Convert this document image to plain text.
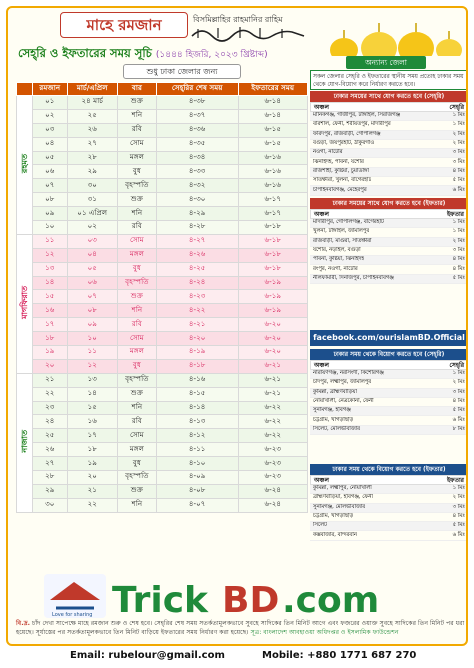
মাহে রমজান	বিসমিল্লাহির রাহমানির রাহিম
সেহ্‌রি ও ইফতারের সময় সূচি (১৪৪৪ হিজরি, ২০২৩ খ্রিষ্টাব্দ)
শুধু ঢাকা জেলার জন্য
	রমজান	মার্চ/এপ্রিল	বার	সেহ্‌রির শেষ সময়	ইফতারের সময়
রহমত	০১	২৪ মার্চ	শুক্র	৪-৩৮	৬-১৪
	০২	২৫	শনি	৪-৩৭	৬-১৪
	০৩	২৬	রবি	৪-৩৬	৬-১৫
	০৪	২৭	সোম	৪-৩৫	৬-১৫
	০৫	২৮	মঙ্গল	৪-৩৪	৬-১৬
	০৬	২৯	বুধ	৪-৩৩	৬-১৬
	০৭	৩০	বৃহস্পতি	৪-৩২	৬-১৬
	০৮	৩১	শুক্র	৪-৩০	৬-১৭
	০৯	০১ এপ্রিল	শনি	৪-২৯	৬-১৭
	১০	০২	রবি	৪-২৮	৬-১৮
মাগফিরাত	১১	০৩	সোম	৪-২৭	৬-১৮
	১২	০৪	মঙ্গল	৪-২৬	৬-১৮
	১৩	০৫	বুধ	৪-২৫	৬-১৮
	১৪	০৬	বৃহস্পতি	৪-২৪	৬-১৯
	১৫	০৭	শুক্র	৪-২৩	৬-১৯
	১৬	০৮	শনি	৪-২২	৬-১৯
	১৭	০৯	রবি	৪-২১	৬-২০
	১৮	১০	সোম	৪-২০	৬-২০
	১৯	১১	মঙ্গল	৪-১৯	৬-২০
	২০	১২	বুধ	৪-১৮	৬-২১
নাজাত	২১	১৩	বৃহস্পতি	৪-১৬	৬-২১
	২২	১৪	শুক্র	৪-১৫	৬-২১
	২৩	১৫	শনি	৪-১৪	৬-২২
	২৪	১৬	রবি	৪-১৩	৬-২২
	২৫	১৭	সোম	৪-১২	৬-২২
	২৬	১৮	মঙ্গল	৪-১১	৬-২৩
	২৭	১৯	বুধ	৪-১০	৬-২৩
	২৮	২০	বৃহস্পতি	৪-০৯	৬-২৩
	২৯	২১	শুক্র	৪-০৮	৬-২৪
	৩০	২২	শনি	৪-০৭	৬-২৪
অন্যান্য জেলা
সকল জেলার সেহ্‌রি ও ইফতারের স্থানীয় সময় প্রত্যেহ ঢাকার সময় থেকে যোগ-বিয়োগ করে নির্ধারণ করতে হবে।
ঢাকার সময়ের সাথে যোগ করতে হবে (সেহ্‌রি)
অঞ্চল	সেহ্‌রি
মানিকগঞ্জ, গাজীপুর, টাঙ্গাইল, সিরাজগঞ্জ	১ মিঃ
বরিশাল, ফেনী, শরীয়তপুর, মাদারীপুর	১ মিঃ
ফরিদপুর, রাজবাড়ী, গোপালগঞ্জ	২ মিঃ
বগুড়া, জয়পুরহাট, ঠাকুরগাঁও	২ মিঃ
নওগাঁ, নাটোর	৩ মিঃ
ঝিনাইদহ, পাবনা, যশোর	৩ মিঃ
রাজশাহী, কুষ্টিয়া, চুয়াডাঙ্গা	৪ মিঃ
সাতক্ষীরা, খুলনা, বাগেরহাট	৫ মিঃ
চাঁপাইনবাবগঞ্জ, মেহেরপুর	৬ মিঃ
ঢাকার সময়ের সাথে যোগ করতে হবে (ইফতার)
অঞ্চল	ইফতার
মাদারীপুর, গোপালগঞ্জ, বাগেরহাট	১ মিঃ
খুলনা, টাঙ্গাইল, জামালপুর	১ মিঃ
রাজবাড়ী, মাগুরা, সাতক্ষীরা	২ মিঃ
যশোর, নড়াইল, বগুড়া	৩ মিঃ
পাবনা, কুষ্টিয়া, ঝিনাইদহ	৪ মিঃ
রংপুর, নওগাঁ, নাটোর	৪ মিঃ
নীলফামারী, দিনাজপুর, চাঁপাইনবাবগঞ্জ	৫ মিঃ
ঢাকার সময় থেকে বিয়োগ করতে হবে (সেহ্‌রি)
অঞ্চল	সেহ্‌রি
নারায়ণগঞ্জ, নরসিংদী, কিশোরগঞ্জ	১ মিঃ
চাঁদপুর, লক্ষ্মীপুর, জামালপুর	২ মিঃ
কুমিল্লা, ব্রাহ্মণবাড়িয়া	৩ মিঃ
নোয়াখালী, নেত্রকোনা, ফেনী	৪ মিঃ
সুনামগঞ্জ, হবিগঞ্জ	৫ মিঃ
চট্টগ্রাম, খাগড়াছড়ি	৬ মিঃ
সিলেট, মৌলভীবাজার	৮ মিঃ
ঢাকার সময় থেকে বিয়োগ করতে হবে (ইফতার)
অঞ্চল	ইফতার
কুমিল্লা, লক্ষ্মীপুর, নোয়াখালী	১ মিঃ
ব্রাহ্মণবাড়িয়া, হবিগঞ্জ, ফেনী	২ মিঃ
সুনামগঞ্জ, মৌলভীবাজার	৩ মিঃ
চট্টগ্রাম, খাগড়াছড়ি	৪ মিঃ
সিলেট	৫ মিঃ
কক্সবাজার, বান্দরবান	৬ মিঃ
facebook.com/ourislamBD.Official
Love for sharing Trick BD .com
বি.দ্র. চাঁদ দেখা সাপেক্ষে মাহে রমজান শুরু ও শেষ হবে। সেহ্‌রির শেষ সময় সতর্কতামূলকভাবে সুবহে সাদিকের তিন মিনিট আগে এবং ফজরের ওয়াক্ত সুবহে সাদিকের তিন মিনিট পর ধরা হয়েছে। সূর্যাস্তের পর সতর্কতামূলকভাবে তিন মিনিট বাড়িয়ে ইফতারের সময় নির্ধারণ করা হয়েছে। সূত্র: বাংলাদেশ আবহাওয়া অধিদপ্তর ও ইসলামিক ফাউন্ডেশন
Email: rubelour@gmail.com	Mobile: +880 1771 687 270
